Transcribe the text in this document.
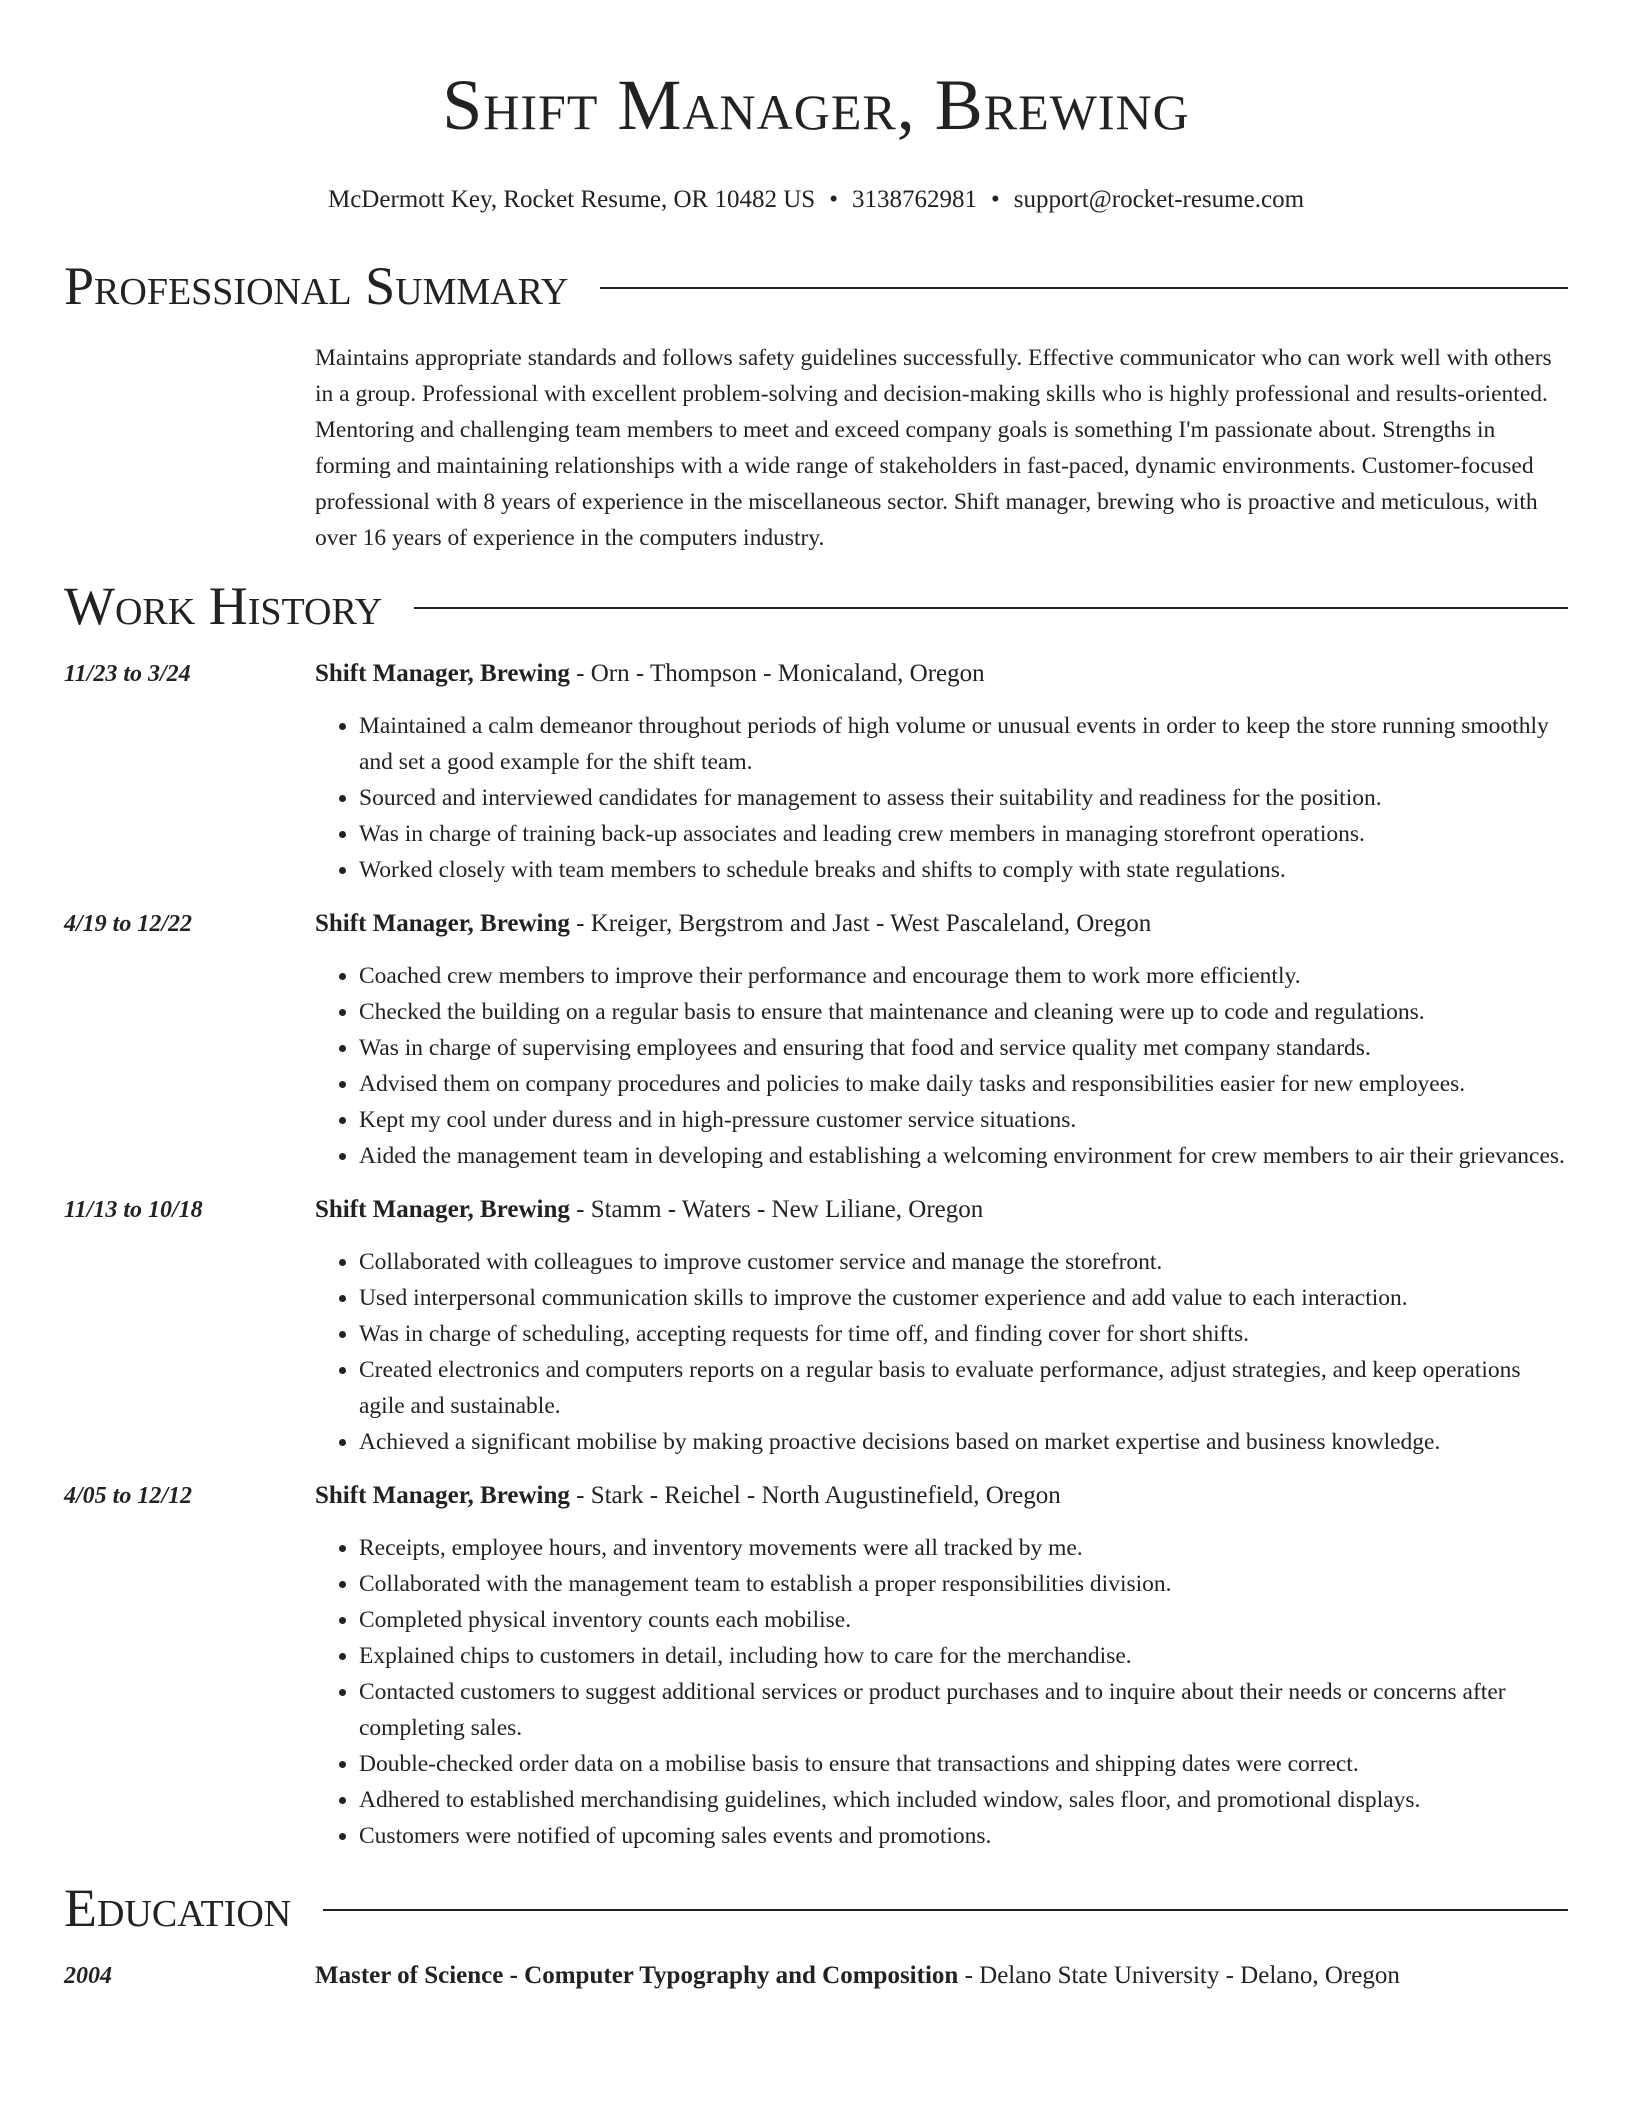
Shift Manager, Brewing
McDermott Key, Rocket Resume, OR 10482 US • 3138762981 • support@rocket-resume.com
Professional Summary
Maintains appropriate standards and follows safety guidelines successfully. Effective communicator who can work well with others in a group. Professional with excellent problem-solving and decision-making skills who is highly professional and results-oriented. Mentoring and challenging team members to meet and exceed company goals is something I'm passionate about. Strengths in forming and maintaining relationships with a wide range of stakeholders in fast-paced, dynamic environments. Customer-focused professional with 8 years of experience in the miscellaneous sector. Shift manager, brewing who is proactive and meticulous, with over 16 years of experience in the computers industry.
Work History
11/23 to 3/24	Shift Manager, Brewing - Orn - Thompson - Monicaland, Oregon
• Maintained a calm demeanor throughout periods of high volume or unusual events in order to keep the store running smoothly and set a good example for the shift team.
• Sourced and interviewed candidates for management to assess their suitability and readiness for the position.
• Was in charge of training back-up associates and leading crew members in managing storefront operations.
• Worked closely with team members to schedule breaks and shifts to comply with state regulations.
4/19 to 12/22	Shift Manager, Brewing - Kreiger, Bergstrom and Jast - West Pascaleland, Oregon
• Coached crew members to improve their performance and encourage them to work more efficiently.
• Checked the building on a regular basis to ensure that maintenance and cleaning were up to code and regulations.
• Was in charge of supervising employees and ensuring that food and service quality met company standards.
• Advised them on company procedures and policies to make daily tasks and responsibilities easier for new employees.
• Kept my cool under duress and in high-pressure customer service situations.
• Aided the management team in developing and establishing a welcoming environment for crew members to air their grievances.
11/13 to 10/18	Shift Manager, Brewing - Stamm - Waters - New Liliane, Oregon
• Collaborated with colleagues to improve customer service and manage the storefront.
• Used interpersonal communication skills to improve the customer experience and add value to each interaction.
• Was in charge of scheduling, accepting requests for time off, and finding cover for short shifts.
• Created electronics and computers reports on a regular basis to evaluate performance, adjust strategies, and keep operations agile and sustainable.
• Achieved a significant mobilise by making proactive decisions based on market expertise and business knowledge.
4/05 to 12/12	Shift Manager, Brewing - Stark - Reichel - North Augustinefield, Oregon
• Receipts, employee hours, and inventory movements were all tracked by me.
• Collaborated with the management team to establish a proper responsibilities division.
• Completed physical inventory counts each mobilise.
• Explained chips to customers in detail, including how to care for the merchandise.
• Contacted customers to suggest additional services or product purchases and to inquire about their needs or concerns after completing sales.
• Double-checked order data on a mobilise basis to ensure that transactions and shipping dates were correct.
• Adhered to established merchandising guidelines, which included window, sales floor, and promotional displays.
• Customers were notified of upcoming sales events and promotions.
Education
2004	Master of Science - Computer Typography and Composition - Delano State University - Delano, Oregon
